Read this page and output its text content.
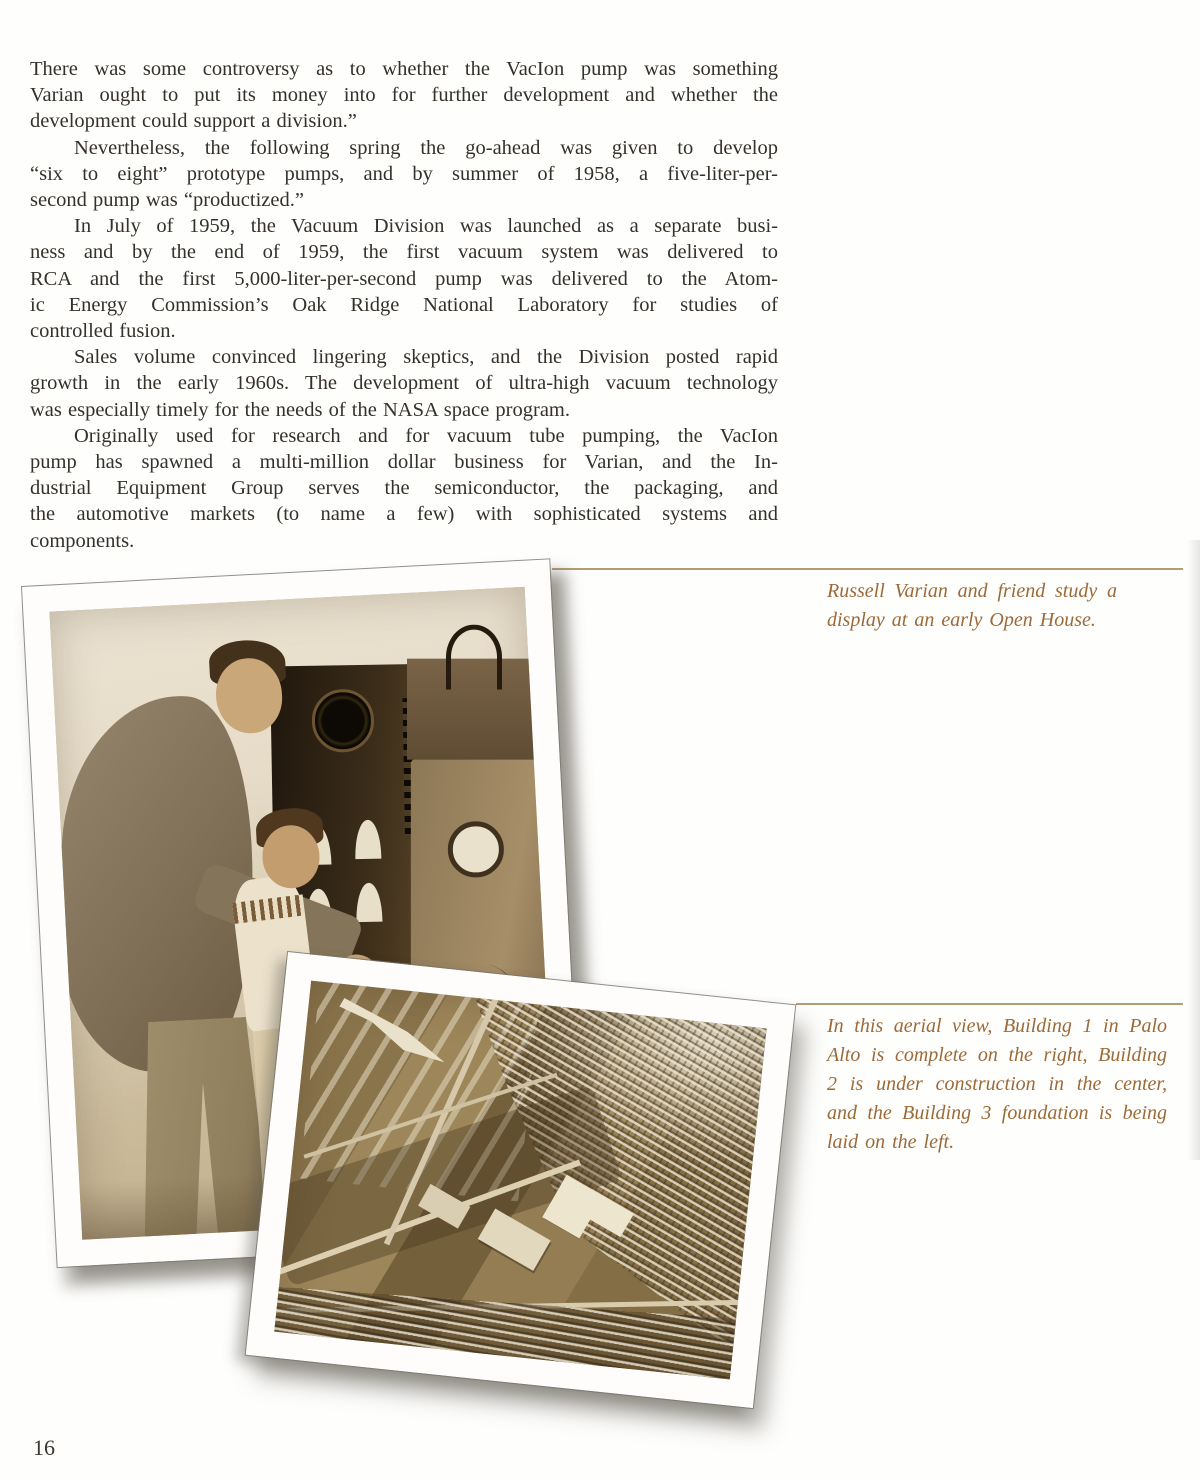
There was some controversy as to whether the VacIon pump was something
Varian ought to put its money into for further development and whether the
development could support a division.”
Nevertheless, the following spring the go-ahead was given to develop
“six to eight” prototype pumps, and by summer of 1958, a five-liter-per-
second pump was “productized.”
In July of 1959, the Vacuum Division was launched as a separate busi-
ness and by the end of 1959, the first vacuum system was delivered to
RCA and the first 5,000-liter-per-second pump was delivered to the Atom-
ic Energy Commission’s Oak Ridge National Laboratory for studies of
controlled fusion.
Sales volume convinced lingering skeptics, and the Division posted rapid
growth in the early 1960s. The development of ultra-high vacuum technology
was especially timely for the needs of the NASA space program.
Originally used for research and for vacuum tube pumping, the VacIon
pump has spawned a multi-million dollar business for Varian, and the In-
dustrial Equipment Group serves the semiconductor, the packaging, and
the automotive markets (to name a few) with sophisticated systems and
components.
Russell Varian and friend study a
display at an early Open House.
In this aerial view, Building 1 in Palo
Alto is complete on the right, Building
2 is under construction in the center,
and the Building 3 foundation is being
laid on the left.
16
